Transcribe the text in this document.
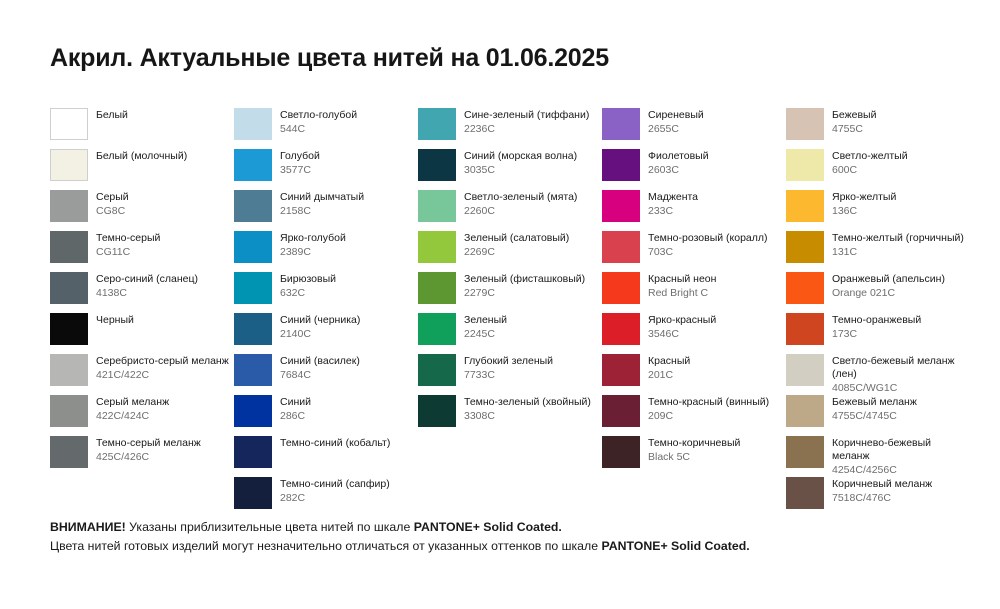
Акрил. Актуальные цвета нитей на 01.06.2025
Белый
Белый (молочный)
Серый
CG8C
Темно-серый
CG11C
Серо-синий (сланец)
4138C
Черный
Серебристо-серый меланж
421C/422C
Серый меланж
422C/424C
Темно-серый меланж
425C/426C
Светло-голубой
544C
Голубой
3577C
Синий дымчатый
2158C
Ярко-голубой
2389C
Бирюзовый
632C
Синий (черника)
2140C
Синий (василек)
7684C
Синий
286C
Темно-синий (кобальт)
Темно-синий (сапфир)
282C
Сине-зеленый (тиффани)
2236C
Синий (морская волна)
3035C
Светло-зеленый (мята)
2260C
Зеленый (салатовый)
2269C
Зеленый (фисташковый)
2279C
Зеленый
2245C
Глубокий зеленый
7733C
Темно-зеленый (хвойный)
3308C
Сиреневый
2655C
Фиолетовый
2603C
Маджента
233C
Темно-розовый (коралл)
703C
Красный неон
Red Bright C
Ярко-красный
3546C
Красный
201C
Темно-красный (винный)
209C
Темно-коричневый
Black 5C
Бежевый
4755C
Светло-желтый
600C
Ярко-желтый
136C
Темно-желтый (горчичный)
131C
Оранжевый (апельсин)
Orange 021C
Темно-оранжевый
173C
Светло-бежевый меланж (лен)
4085C/WG1C
Бежевый меланж
4755C/4745C
Коричнево-бежевый меланж
4254C/4256C
Коричневый меланж
7518C/476C
ВНИМАНИЕ! Указаны приблизительные цвета нитей по шкале PANTONE+ Solid Coated.
Цвета нитей готовых изделий могут незначительно отличаться от указанных оттенков по шкале PANTONE+ Solid Coated.
